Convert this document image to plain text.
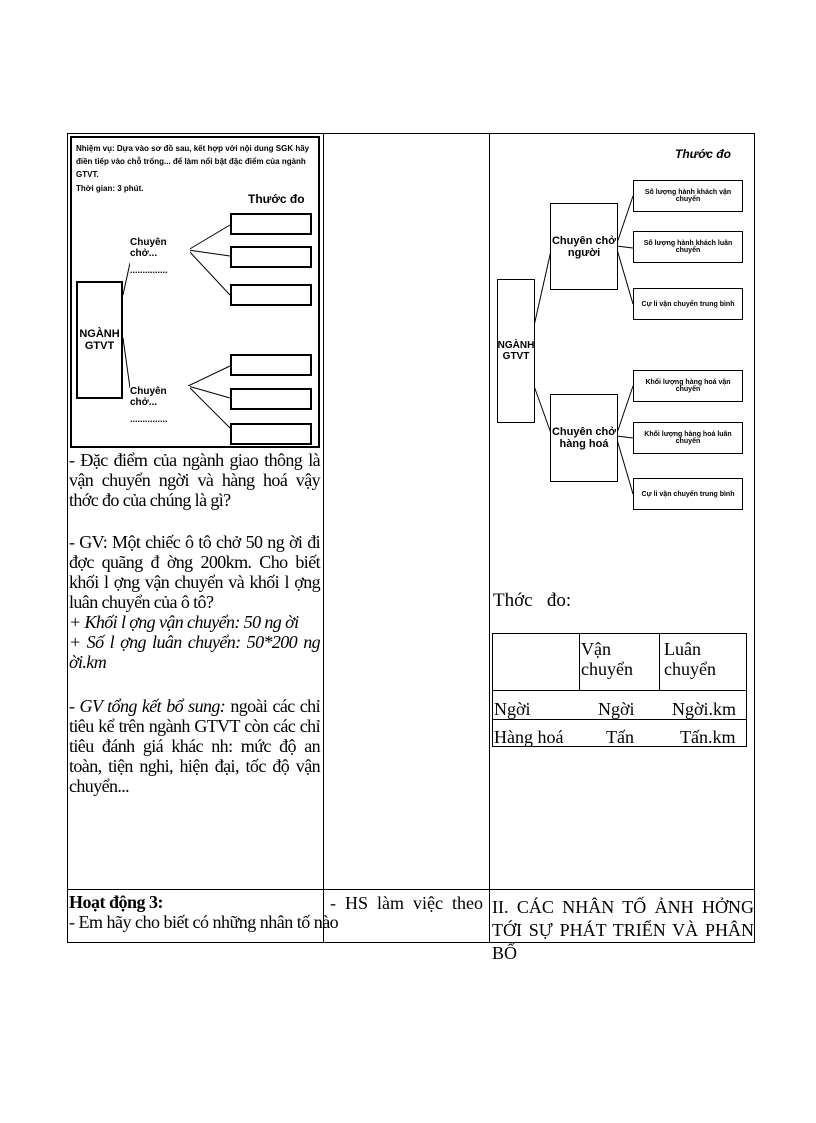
Nhiệm vụ: Dựa vào sơ đồ sau, kết hợp với nội dung SGK hãy điền tiếp vào chỗ trống... để làm nổi bật đặc điểm của ngành GTVT.
Thời gian: 3 phút.
Thước đo
NGÀNH GTVT
Chuyên chở...
...............
Chuyên chở...
...............

- Đặc điểm của ngành giao thông là vận chuyển ngời và hàng hoá vậy thớc đo của chúng là gì?

- GV: Một chiếc ô tô chở 50 ng ời đi đợc quãng đ ờng 200km. Cho biết khối l ợng vận chuyển và khối l ợng luân chuyển của ô tô?

+ Khối l ợng vận chuyển: 50 ng ời

+ Số l ợng luân chuyển: 50*200 ng ời.km

- GV tổng kết bổ sung: ngoài các chỉ tiêu kể trên ngành GTVT còn các chỉ tiêu đánh giá khác nh: mức độ an toàn, tiện nghi, hiện đại, tốc độ vận chuyển...

Thước đo
NGÀNH GTVT
Chuyên chở người
Chuyên chở hàng hoá
Số lượng hành khách vận chuyển
Số lượng hành khách luân chuyển
Cự li vận chuyển trung bình
Khối lượng hàng hoá vận chuyển
Khối lượng hàng hoá luân chuyển
Cự li vận chuyển trung bình
Thớc   đo:
Vận chuyển
Luân chuyển
Ngời	Ngời Ngời.km
Hàng hoá Tấn	Tấn.km
Hoạt động 3:
- Em hãy cho biết có những nhân tố nào
-  HS  làm  việc  theo II. CÁC NHÂN TỐ ẢNH HỞNG TỚI SỰ PHÁT TRIỂN VÀ PHÂN BỐ
